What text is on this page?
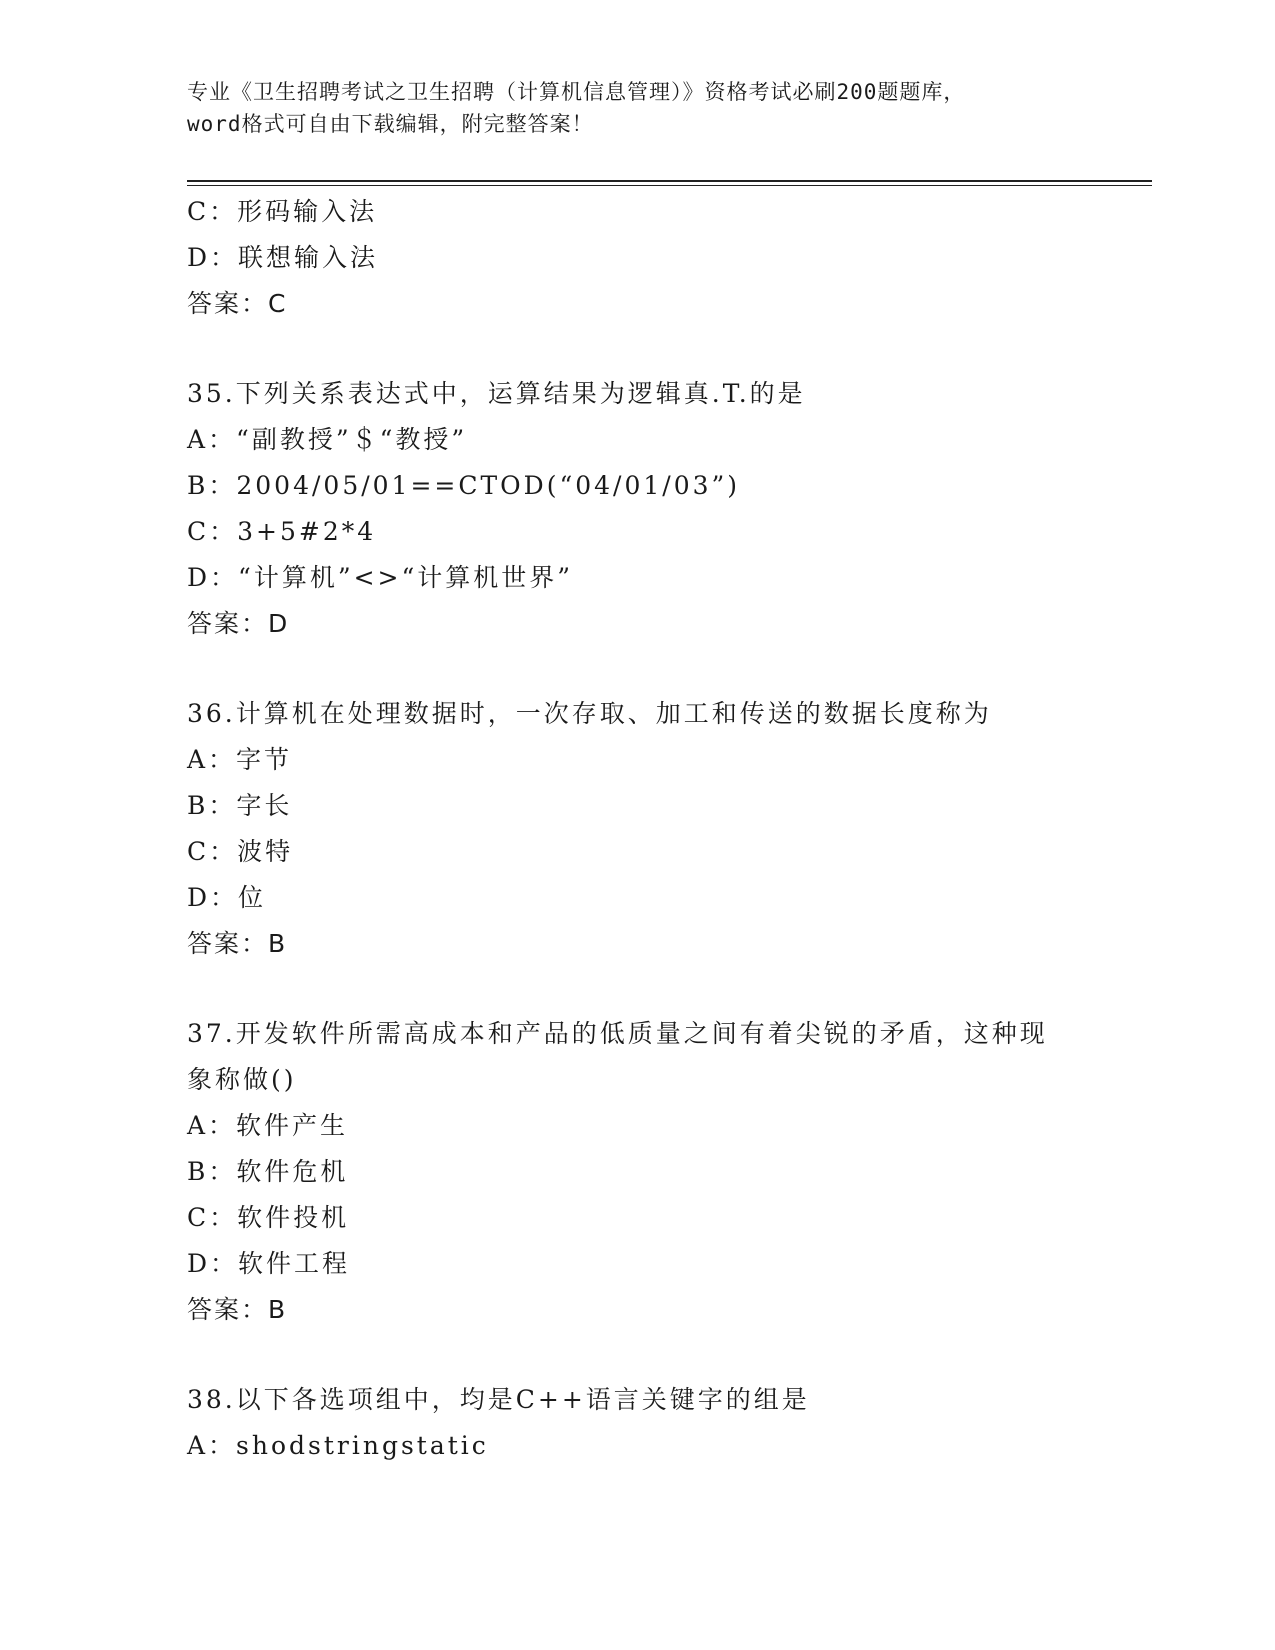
专业《卫生招聘考试之卫生招聘（计算机信息管理）》资格考试必刷200题题库，
word格式可自由下载编辑，附完整答案！
C：形码输入法
D：联想输入法
答案：C
35.下列关系表达式中，运算结果为逻辑真.T.的是
A：“副教授”＄“教授”
B：2004/05/01==CTOD(“04/01/03”)
C：3+5#2*4
D：“计算机”<>“计算机世界”
答案：D
36.计算机在处理数据时，一次存取、加工和传送的数据长度称为
A：字节
B：字长
C：波特
D：位
答案：B
37.开发软件所需高成本和产品的低质量之间有着尖锐的矛盾，这种现
象称做()
A：软件产生
B：软件危机
C：软件投机
D：软件工程
答案：B
38.以下各选项组中，均是C++语言关键字的组是
A：shodstringstatic
